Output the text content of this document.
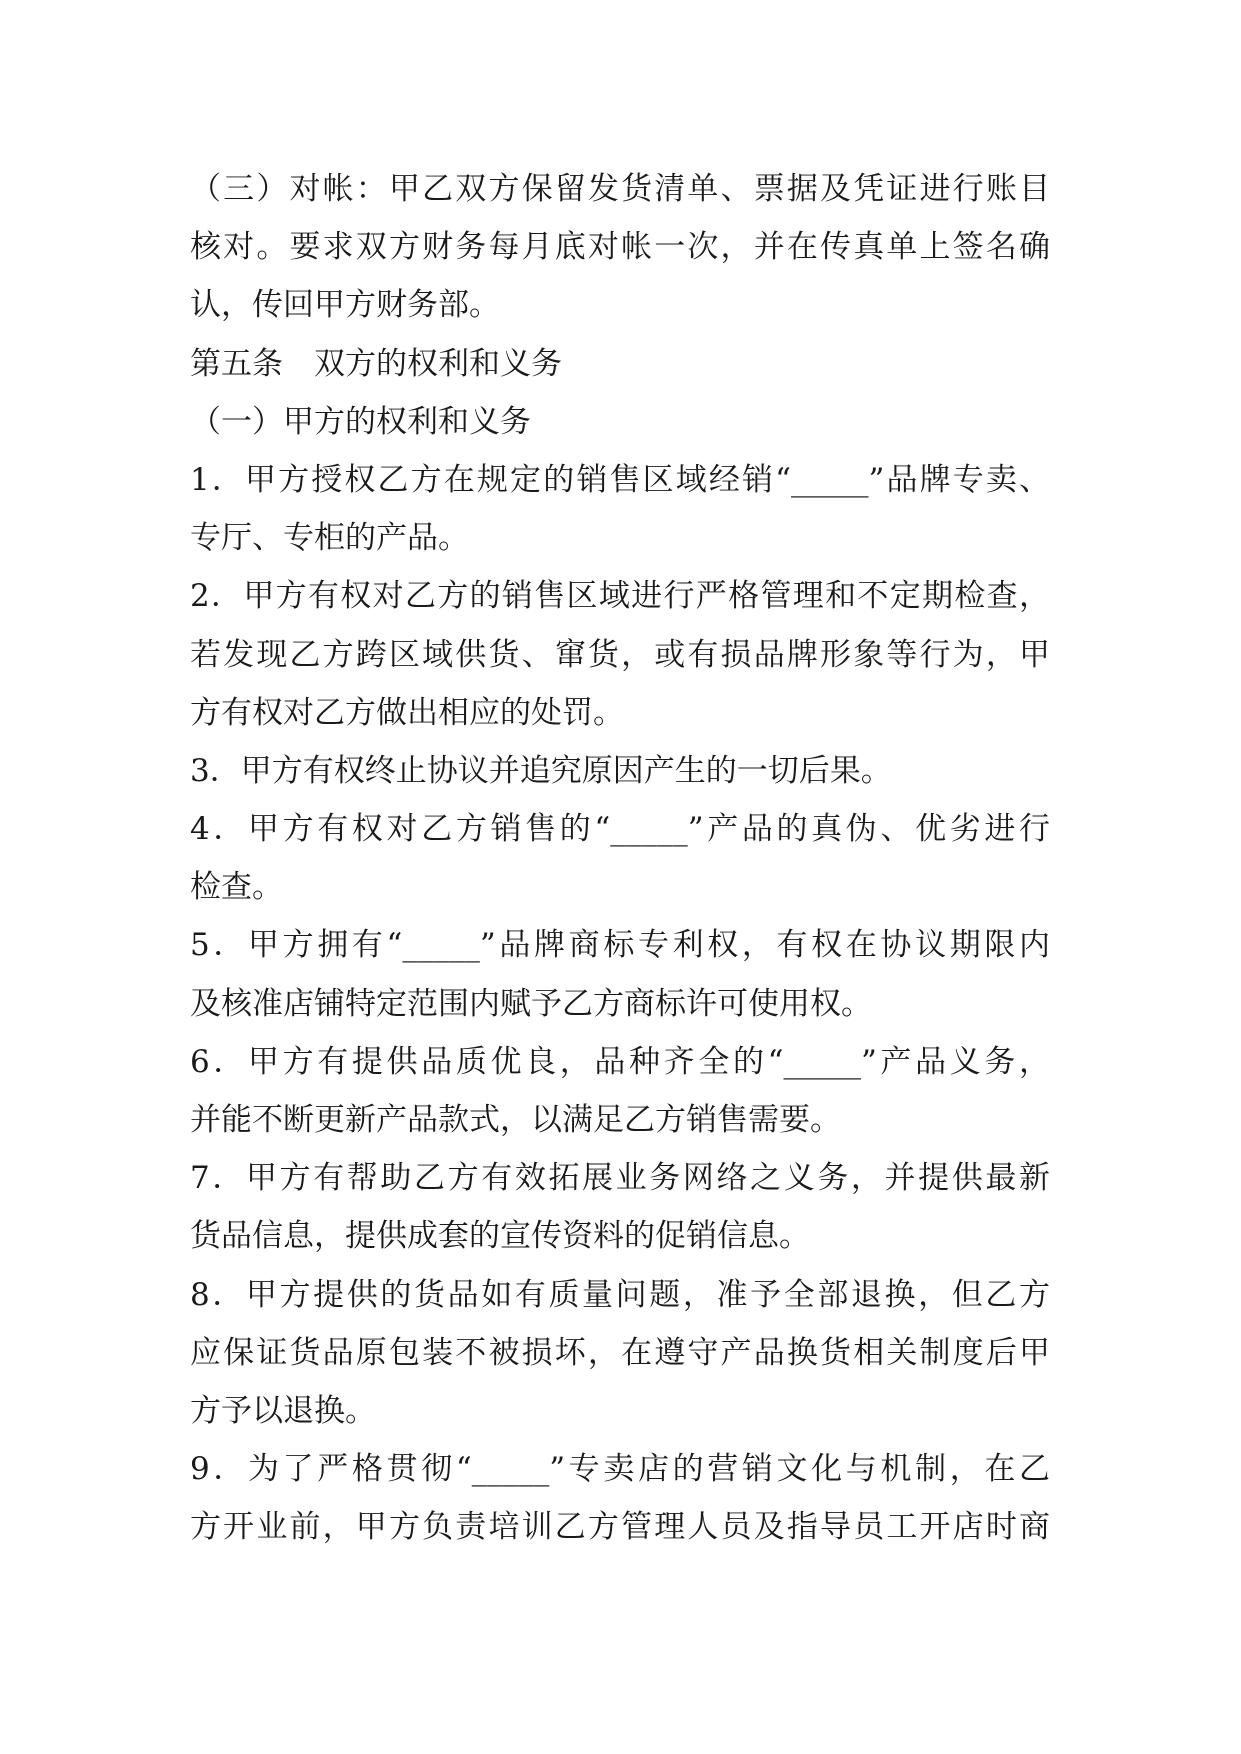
（三）对帐：甲乙双方保留发货清单、票据及凭证进行账目
核对。要求双方财务每月底对帐一次，并在传真单上签名确
认，传回甲方财务部。
第五条　双方的权利和义务
（一）甲方的权利和义务
1．甲方授权乙方在规定的销售区域经销“_____”品牌专卖、
专厅、专柜的产品。
2．甲方有权对乙方的销售区域进行严格管理和不定期检查，
若发现乙方跨区域供货、窜货，或有损品牌形象等行为，甲
方有权对乙方做出相应的处罚。
3．甲方有权终止协议并追究原因产生的一切后果。
4．甲方有权对乙方销售的“_____”产品的真伪、优劣进行
检查。
5．甲方拥有“_____”品牌商标专利权，有权在协议期限内
及核准店铺特定范围内赋予乙方商标许可使用权。
6．甲方有提供品质优良，品种齐全的“_____”产品义务，
并能不断更新产品款式，以满足乙方销售需要。
7．甲方有帮助乙方有效拓展业务网络之义务，并提供最新
货品信息，提供成套的宣传资料的促销信息。
8．甲方提供的货品如有质量问题，准予全部退换，但乙方
应保证货品原包装不被损坏，在遵守产品换货相关制度后甲
方予以退换。
9．为了严格贯彻“_____”专卖店的营销文化与机制，在乙
方开业前，甲方负责培训乙方管理人员及指导员工开店时商
